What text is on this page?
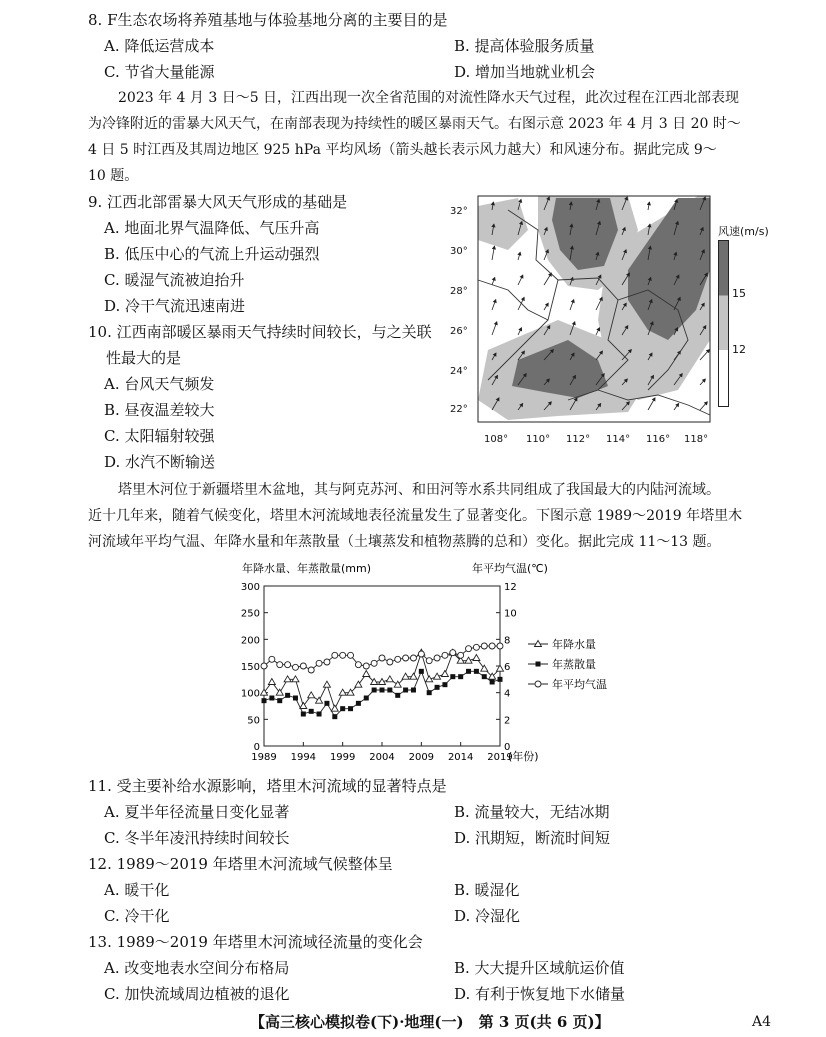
8. F生态农场将养殖基地与体验基地分离的主要目的是
A. 降低运营成本	B. 提高体验服务质量
C. 节省大量能源	D. 增加当地就业机会
2023 年 4 月 3 日～5 日，江西出现一次全省范围的对流性降水天气过程，此次过程在江西北部表现
为冷锋附近的雷暴大风天气，在南部表现为持续性的暖区暴雨天气。右图示意 2023 年 4 月 3 日 20 时～
4 日 5 时江西及其周边地区 925 hPa 平均风场（箭头越长表示风力越大）和风速分布。据此完成 9～
10 题。
9. 江西北部雷暴大风天气形成的基础是
A. 地面北界气温降低、气压升高
B. 低压中心的气流上升运动强烈
C. 暖湿气流被迫抬升
D. 冷干气流迅速南进
10. 江西南部暖区暴雨天气持续时间较长，与之关联
性最大的是
A. 台风天气频发
B. 昼夜温差较大
C. 太阳辐射较强
D. 水汽不断输送
32°
30°
28°
26°
24°
22°
108° 110° 112° 114° 116° 118°
风速(m/s)
15
12
塔里木河位于新疆塔里木盆地，其与阿克苏河、和田河等水系共同组成了我国最大的内陆河流域。
近十几年来，随着气候变化，塔里木河流域地表径流量发生了显著变化。下图示意 1989～2019 年塔里木
河流域年平均气温、年降水量和年蒸散量（土壤蒸发和植物蒸腾的总和）变化。据此完成 11～13 题。
年降水量、年蒸散量(mm)	年平均气温(℃)
(年份)
0
50
100
150
200
250
300
0
2
4
6
8
10
12
1989 1994 1999 2004 2009 2014 2019
年降水量
年蒸散量
年平均气温
11. 受主要补给水源影响，塔里木河流域的显著特点是
A. 夏半年径流量日变化显著	B. 流量较大，无结冰期
C. 冬半年凌汛持续时间较长	D. 汛期短，断流时间短
12. 1989～2019 年塔里木河流域气候整体呈
A. 暖干化	B. 暖湿化
C. 冷干化	D. 冷湿化
13. 1989～2019 年塔里木河流域径流量的变化会
A. 改变地表水空间分布格局	B. 大大提升区域航运价值
C. 加快流域周边植被的退化	D. 有利于恢复地下水储量
【高三核心模拟卷(下)·地理(一)　第 3 页(共 6 页)】	A4
